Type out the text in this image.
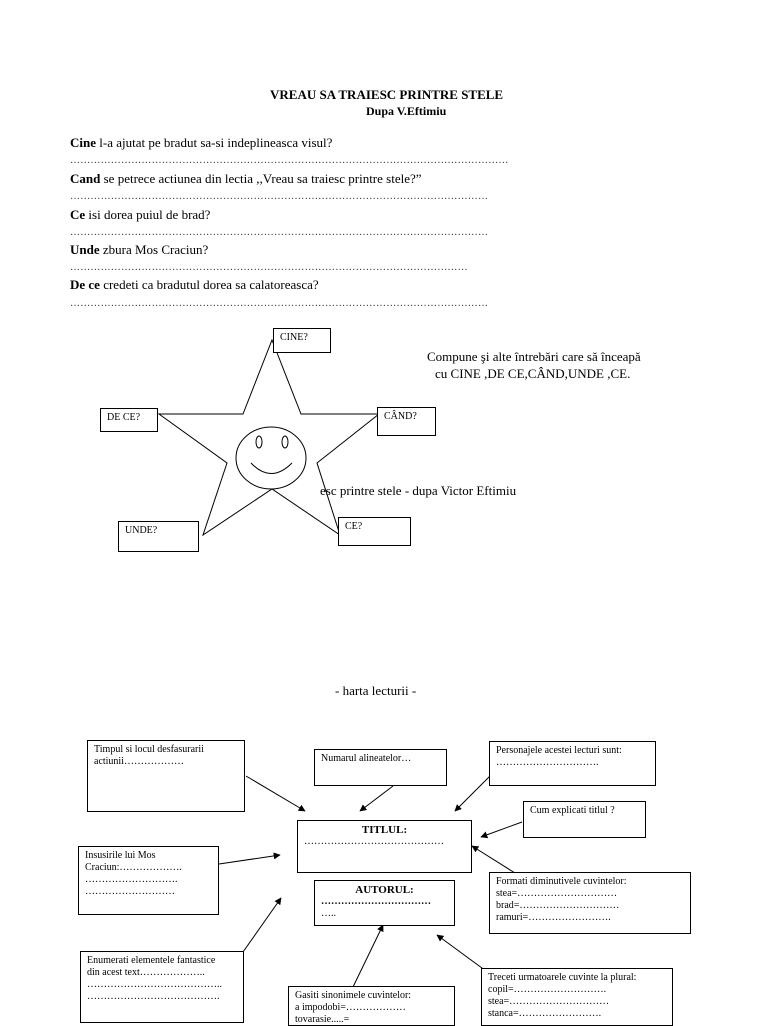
VREAU SA TRAIESC PRINTRE STELE
Dupa V.Eftimiu
Cine l-a ajutat pe bradut sa-si indeplineasca visul?
…………………………………………………………………………………………………………………
Cand se petrece actiunea din lectia ,,Vreau sa traiesc printre stele?”
……………………………………………………………………………………………………………
Ce isi dorea puiul de brad?
……………………………………………………………………………………………………………
Unde zbura Mos Craciun?
………………………………………………………………………………………………………
De ce credeti ca bradutul dorea sa calatoreasca?
……………………………………………………………………………………………………………
CINE?
DE CE?	CÂND?
UNDE?	CE?
Compune şi alte întrebări care să înceapă
cu CINE ,DE CE,CÂND,UNDE ,CE.
esc printre stele - dupa Victor Eftimiu
- harta lecturii -
Timpul si locul desfasurarii
actiunii………………	Numarul alineatelor…
Personajele acestei lecturi sunt:
………………………….
TITLUL:
……………………………………
Cum explicati titlul ?
Insusirile lui Mos
Craciun:……………….
……………………….
………………………	AUTORUL:
……………………………
…..
Formati diminutivele cuvintelor:
stea=…………………………
brad=…………………………
ramuri=…………………….
Enumerati elementele fantastice
din acest text………………..
…………………………………..
………………………………….	Gasiti sinonimele cuvintelor:
a impodobi=………………
tovarasie.....=
Treceti urmatoarele cuvinte la plural:
copil=……………………….
stea=…………………………
stanca=…………………….
